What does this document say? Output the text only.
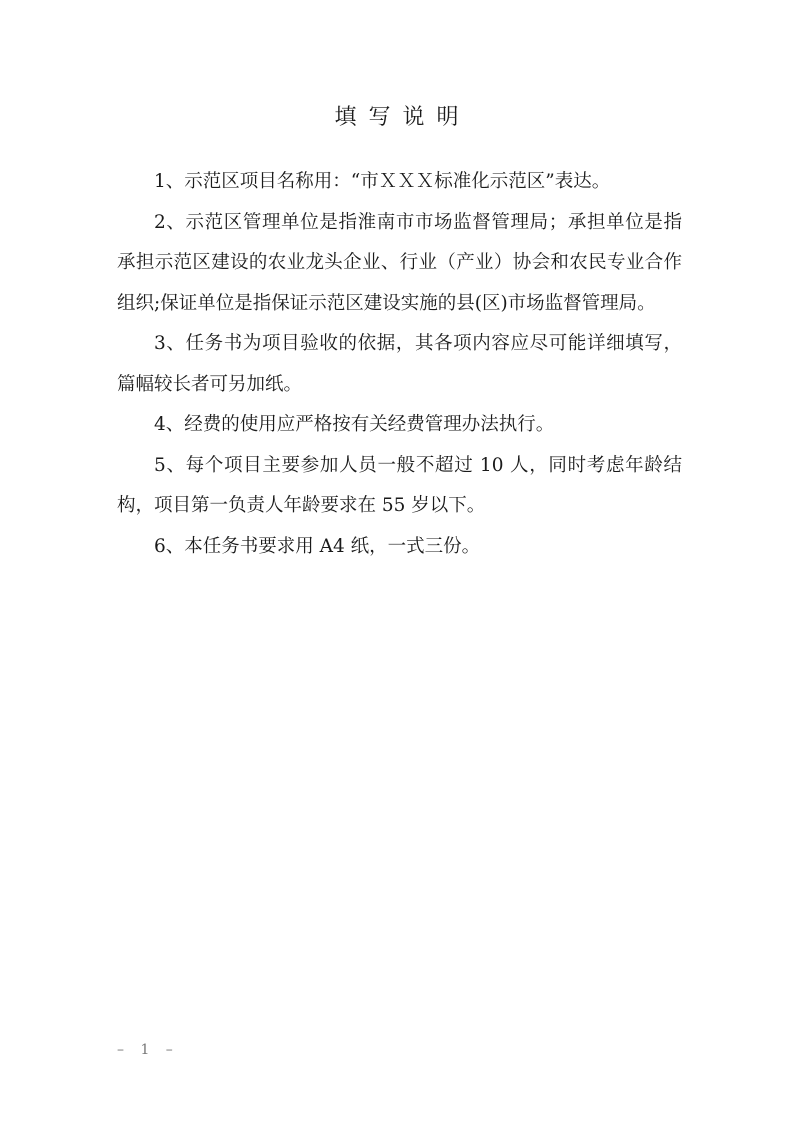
填写说明

1、示范区项目名称用：“市ＸＸＸ标准化示范区”表达。

2、示范区管理单位是指淮南市市场监督管理局；承担单位是指承担示范区建设的农业龙头企业、行业（产业）协会和农民专业合作组织;保证单位是指保证示范区建设实施的县(区)市场监督管理局。

3、任务书为项目验收的依据，其各项内容应尽可能详细填写，篇幅较长者可另加纸。

4、经费的使用应严格按有关经费管理办法执行。

5、每个项目主要参加人员一般不超过 10 人，同时考虑年龄结构，项目第一负责人年龄要求在 55 岁以下。

6、本任务书要求用 A4 纸，一式三份。

– 1 –
